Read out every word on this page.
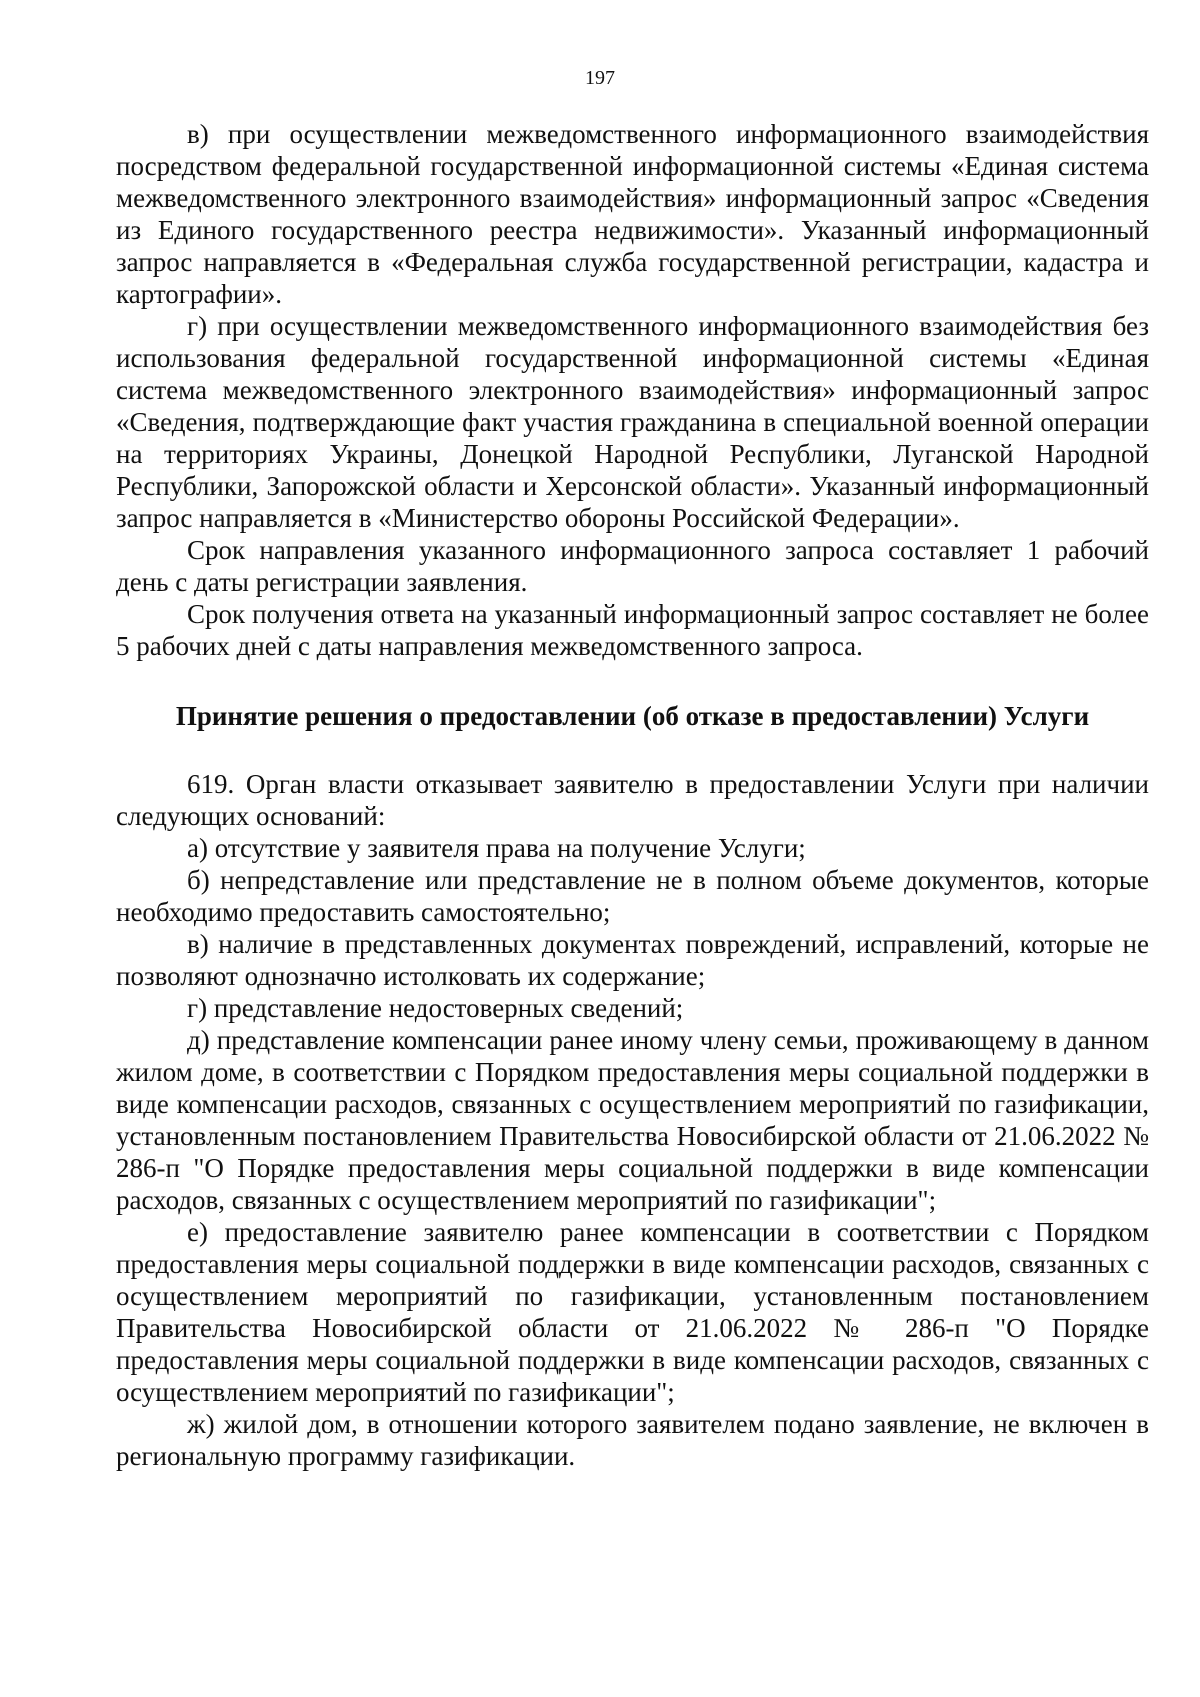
197

в) при осуществлении межведомственного информационного взаимодействия посредством федеральной государственной информационной системы «Единая система межведомственного электронного взаимодействия» информационный запрос «Сведения из Единого государственного реестра недвижимости». Указанный информационный запрос направляется в «Федеральная служба государственной регистрации, кадастра и картографии».

г) при осуществлении межведомственного информационного взаимодействия без использования федеральной государственной информационной системы «Единая система межведомственного электронного взаимодействия» информационный запрос «Сведения, подтверждающие факт участия гражданина в специальной военной операции на территориях Украины, Донецкой Народной Республики, Луганской Народной Республики, Запорожской области и Херсонской области». Указанный информационный запрос направляется в «Министерство обороны Российской Федерации».

Срок направления указанного информационного запроса составляет 1 рабочий день с даты регистрации заявления.

Срок получения ответа на указанный информационный запрос составляет не более 5 рабочих дней с даты направления межведомственного запроса.

Принятие решения о предоставлении (об отказе в предоставлении) Услуги

619. Орган власти отказывает заявителю в предоставлении Услуги при наличии следующих оснований:

а) отсутствие у заявителя права на получение Услуги;

б) непредставление или представление не в полном объеме документов, которые необходимо предоставить самостоятельно;

в) наличие в представленных документах повреждений, исправлений, которые не позволяют однозначно истолковать их содержание;

г) представление недостоверных сведений;

д) представление компенсации ранее иному члену семьи, проживающему в данном жилом доме, в соответствии с Порядком предоставления меры социальной поддержки в виде компенсации расходов, связанных с осуществлением мероприятий по газификации, установленным постановлением Правительства Новосибирской области от 21.06.2022 № 286-п "О Порядке предоставления меры социальной поддержки в виде компенсации расходов, связанных с осуществлением мероприятий по газификации";

е) предоставление заявителю ранее компенсации в соответствии с Порядком предоставления меры социальной поддержки в виде компенсации расходов, связанных с осуществлением мероприятий по газификации, установленным постановлением Правительства Новосибирской области от 21.06.2022 № 286-п "О Порядке предоставления меры социальной поддержки в виде компенсации расходов, связанных с осуществлением мероприятий по газификации";

ж) жилой дом, в отношении которого заявителем подано заявление, не включен в региональную программу газификации.
